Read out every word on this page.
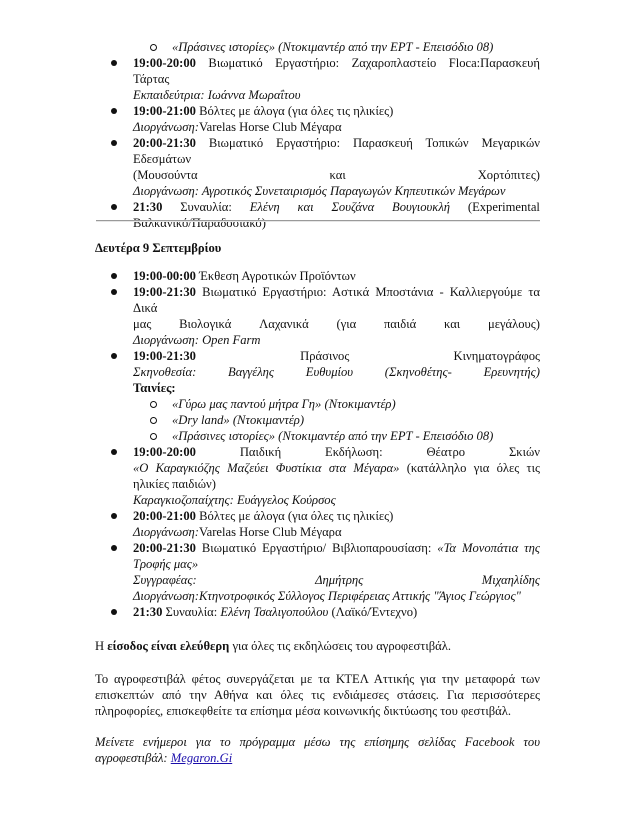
«Πράσινες ιστορίες» (Ντοκιμαντέρ από την ΕΡΤ - Επεισόδιο 08)
19:00-20:00 Βιωματικό Εργαστήριο: Ζαχαροπλαστείο Floca:Παρασκευή Τάρτας
Εκπαιδεύτρια: Ιωάννα Μωραΐτου
19:00-21:00 Βόλτες με άλογα (για όλες τις ηλικίες)
Διοργάνωση:Varelas Horse Club Μέγαρα
20:00-21:30 Βιωματικό Εργαστήριο: Παρασκευή Τοπικών Μεγαρικών Εδεσμάτων
(Μουσούντα	και	Χορτόπιτες)
Διοργάνωση: Αγροτικός Συνεταιρισμός Παραγωγών Κηπευτικών Μεγάρων
21:30 Συναυλία: Ελένη και Σουζάνα Βουγιουκλή (Experimental
Βαλκανικό/Παραδοσιακό)
Δευτέρα 9 Σεπτεμβρίου
19:00-00:00 Έκθεση Αγροτικών Προϊόντων
19:00-21:30 Βιωματικό Εργαστήριο: Αστικά Μποστάνια - Καλλιεργούμε τα Δικά
μας Βιολογικά Λαχανικά (για παιδιά και μεγάλους)
Διοργάνωση: Open Farm
19:00-21:30	Πράσινος	Κινηματογράφος
Σκηνοθεσία:	Βαγγέλης	Ευθυμίου	(Σκηνοθέτης-	Ερευνητής)
Ταινίες:
«Γύρω μας παντού μήτρα Γη» (Ντοκιμαντέρ)
«Dry land» (Ντοκιμαντέρ)
«Πράσινες ιστορίες» (Ντοκιμαντέρ από την ΕΡΤ - Επεισόδιο 08)
19:00-20:00	Παιδική	Εκδήλωση:	Θέατρο	Σκιών
«Ο Καραγκιόζης Μαζεύει Φυστίκια στα Μέγαρα» (κατάλληλο για όλες τις ηλικίες παιδιών)
Καραγκιοζοπαίχτης: Ευάγγελος Κούρσος
20:00-21:00 Βόλτες με άλογα (για όλες τις ηλικίες)
Διοργάνωση:Varelas Horse Club Μέγαρα
20:00-21:30 Βιωματικό Εργαστήριο/ Βιβλιοπαρουσίαση: «Τα Μονοπάτια της Τροφής μας»
Συγγραφέας:	Δημήτρης	Μιχαηλίδης
Διοργάνωση:Κτηνοτροφικός Σύλλογος Περιφέρειας Αττικής "Άγιος Γεώργιος"
21:30 Συναυλία: Ελένη Τσαλιγοπούλου (Λαϊκό/Έντεχνο)

Η είσοδος είναι ελεύθερη για όλες τις εκδηλώσεις του αγροφεστιβάλ.

Το αγροφεστιβάλ φέτος συνεργάζεται με τα ΚΤΕΛ Αττικής για την μεταφορά των επισκεπτών από την Αθήνα και όλες τις ενδιάμεσες στάσεις. Για περισσότερες πληροφορίες, επισκεφθείτε τα επίσημα μέσα κοινωνικής δικτύωσης του φεστιβάλ.

Μείνετε ενήμεροι για το πρόγραμμα μέσω της επίσημης σελίδας Facebook του αγροφεστιβάλ: Megaron.Gi
